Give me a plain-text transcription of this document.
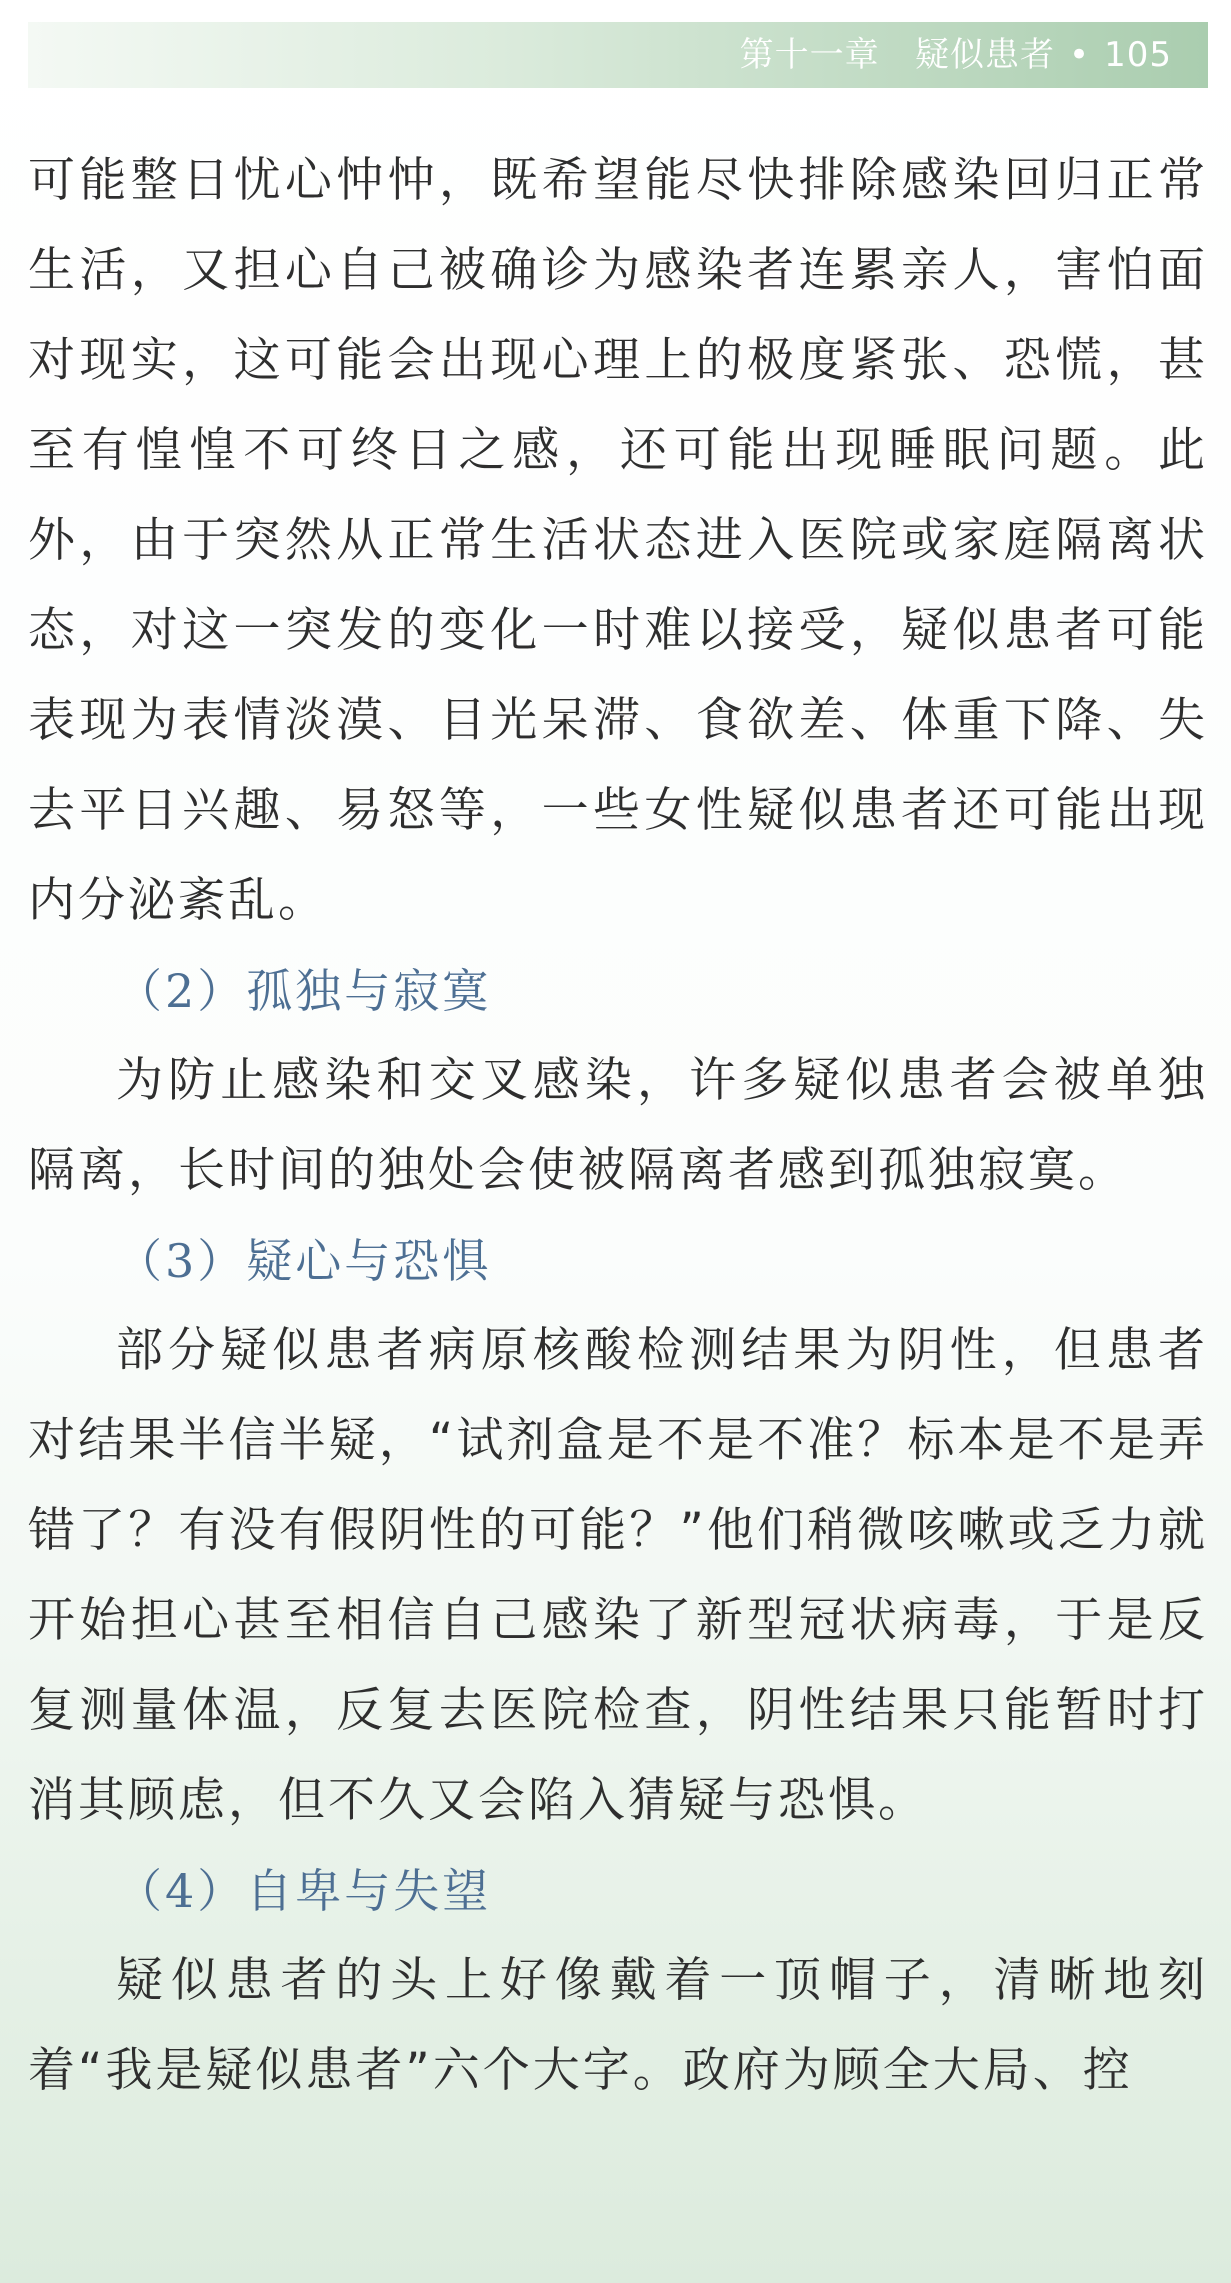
第十一章 疑似患者 • 105

可能整日忧心忡忡，既希望能尽快排除感染回归正常生活，又担心自己被确诊为感染者连累亲人，害怕面对现实，这可能会出现心理上的极度紧张、恐慌，甚至有惶惶不可终日之感，还可能出现睡眠问题。此外，由于突然从正常生活状态进入医院或家庭隔离状态，对这一突发的变化一时难以接受，疑似患者可能表现为表情淡漠、目光呆滞、食欲差、体重下降、失去平日兴趣、易怒等，一些女性疑似患者还可能出现内分泌紊乱。

（2）孤独与寂寞

为防止感染和交叉感染，许多疑似患者会被单独隔离，长时间的独处会使被隔离者感到孤独寂寞。

（3）疑心与恐惧

部分疑似患者病原核酸检测结果为阴性，但患者对结果半信半疑，“试剂盒是不是不准？标本是不是弄错了？有没有假阴性的可能？”他们稍微咳嗽或乏力就开始担心甚至相信自己感染了新型冠状病毒，于是反复测量体温，反复去医院检查，阴性结果只能暂时打消其顾虑，但不久又会陷入猜疑与恐惧。

（4）自卑与失望

疑似患者的头上好像戴着一顶帽子，清晰地刻着“我是疑似患者”六个大字。政府为顾全大局、控
